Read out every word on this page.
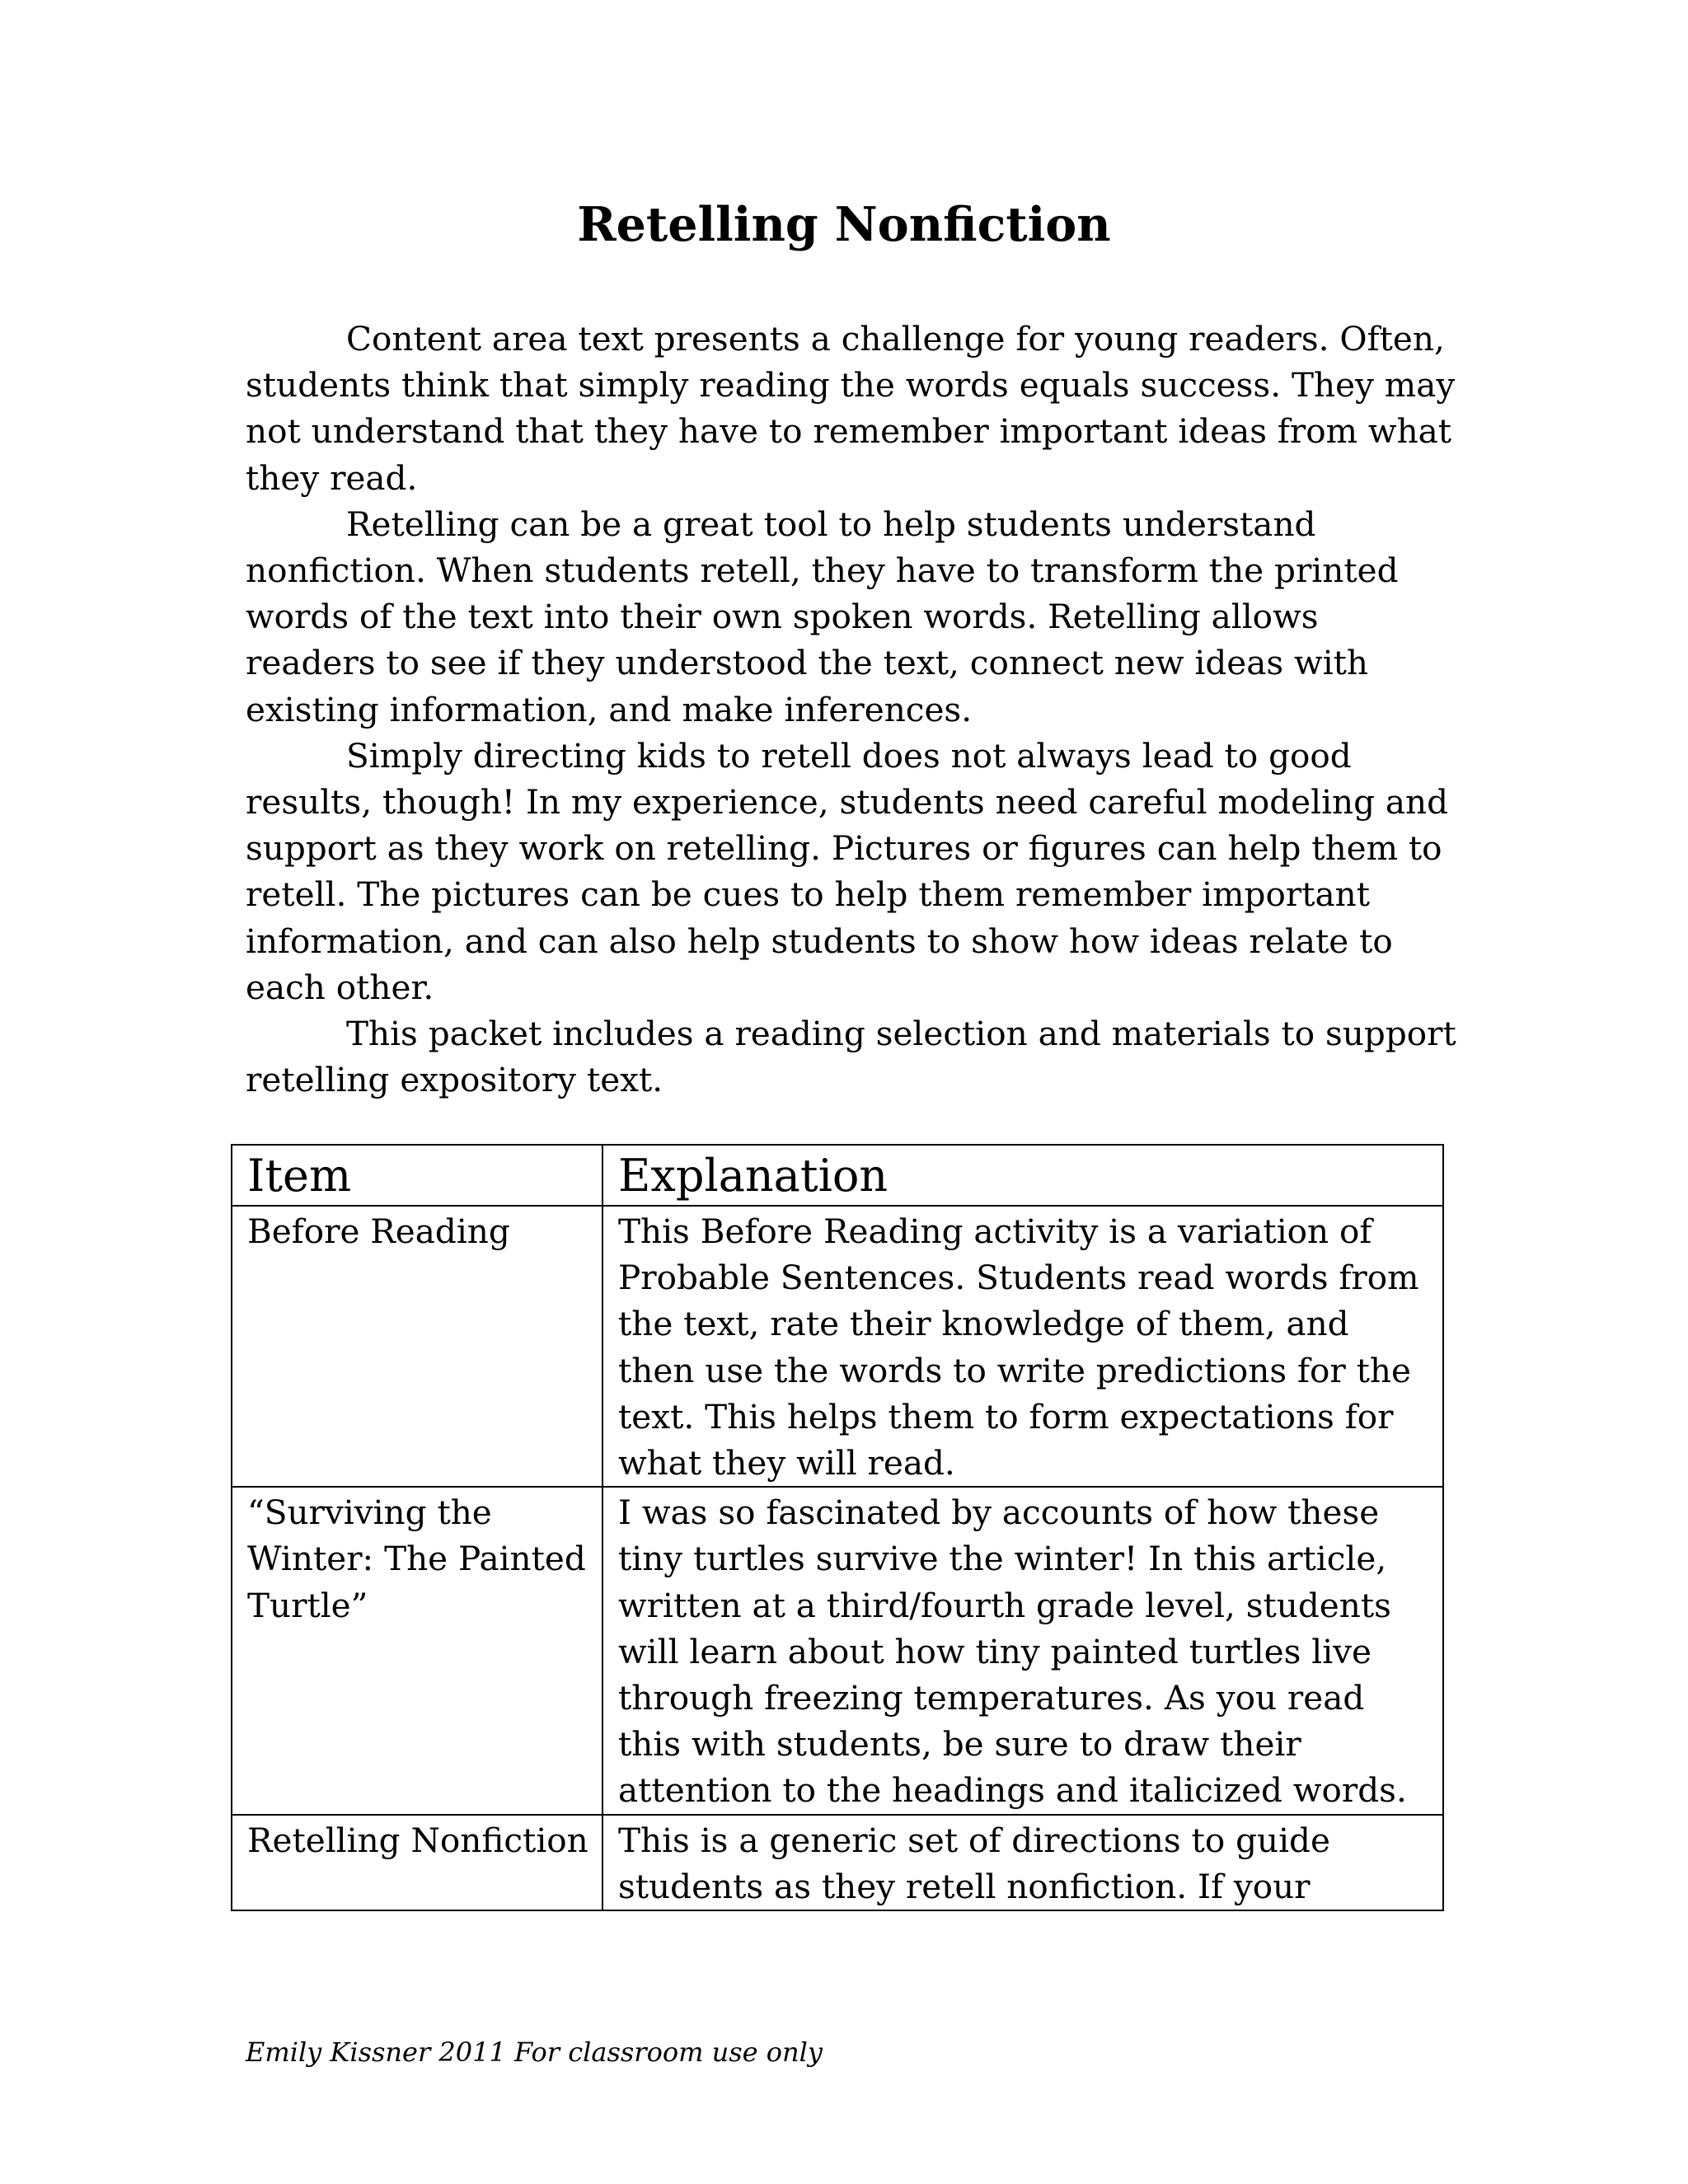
Retelling Nonfiction

Content area text presents a challenge for young readers. Often, students think that simply reading the words equals success. They may not understand that they have to remember important ideas from what they read.

Retelling can be a great tool to help students understand nonfiction. When students retell, they have to transform the printed words of the text into their own spoken words. Retelling allows readers to see if they understood the text, connect new ideas with existing information, and make inferences.

Simply directing kids to retell does not always lead to good results, though! In my experience, students need careful modeling and support as they work on retelling. Pictures or figures can help them to retell. The pictures can be cues to help them remember important information, and can also help students to show how ideas relate to each other.

This packet includes a reading selection and materials to support retelling expository text.

Item	Explanation
Before Reading	This Before Reading activity is a variation of Probable Sentences. Students read words from the text, rate their knowledge of them, and then use the words to write predictions for the text. This helps them to form expectations for what they will read.
“Surviving the Winter: The Painted Turtle”	I was so fascinated by accounts of how these tiny turtles survive the winter! In this article, written at a third/fourth grade level, students will learn about how tiny painted turtles live through freezing temperatures. As you read this with students, be sure to draw their attention to the headings and italicized words.
Retelling Nonfiction	This is a generic set of directions to guide students as they retell nonfiction. If your
Emily Kissner 2011 For classroom use only
